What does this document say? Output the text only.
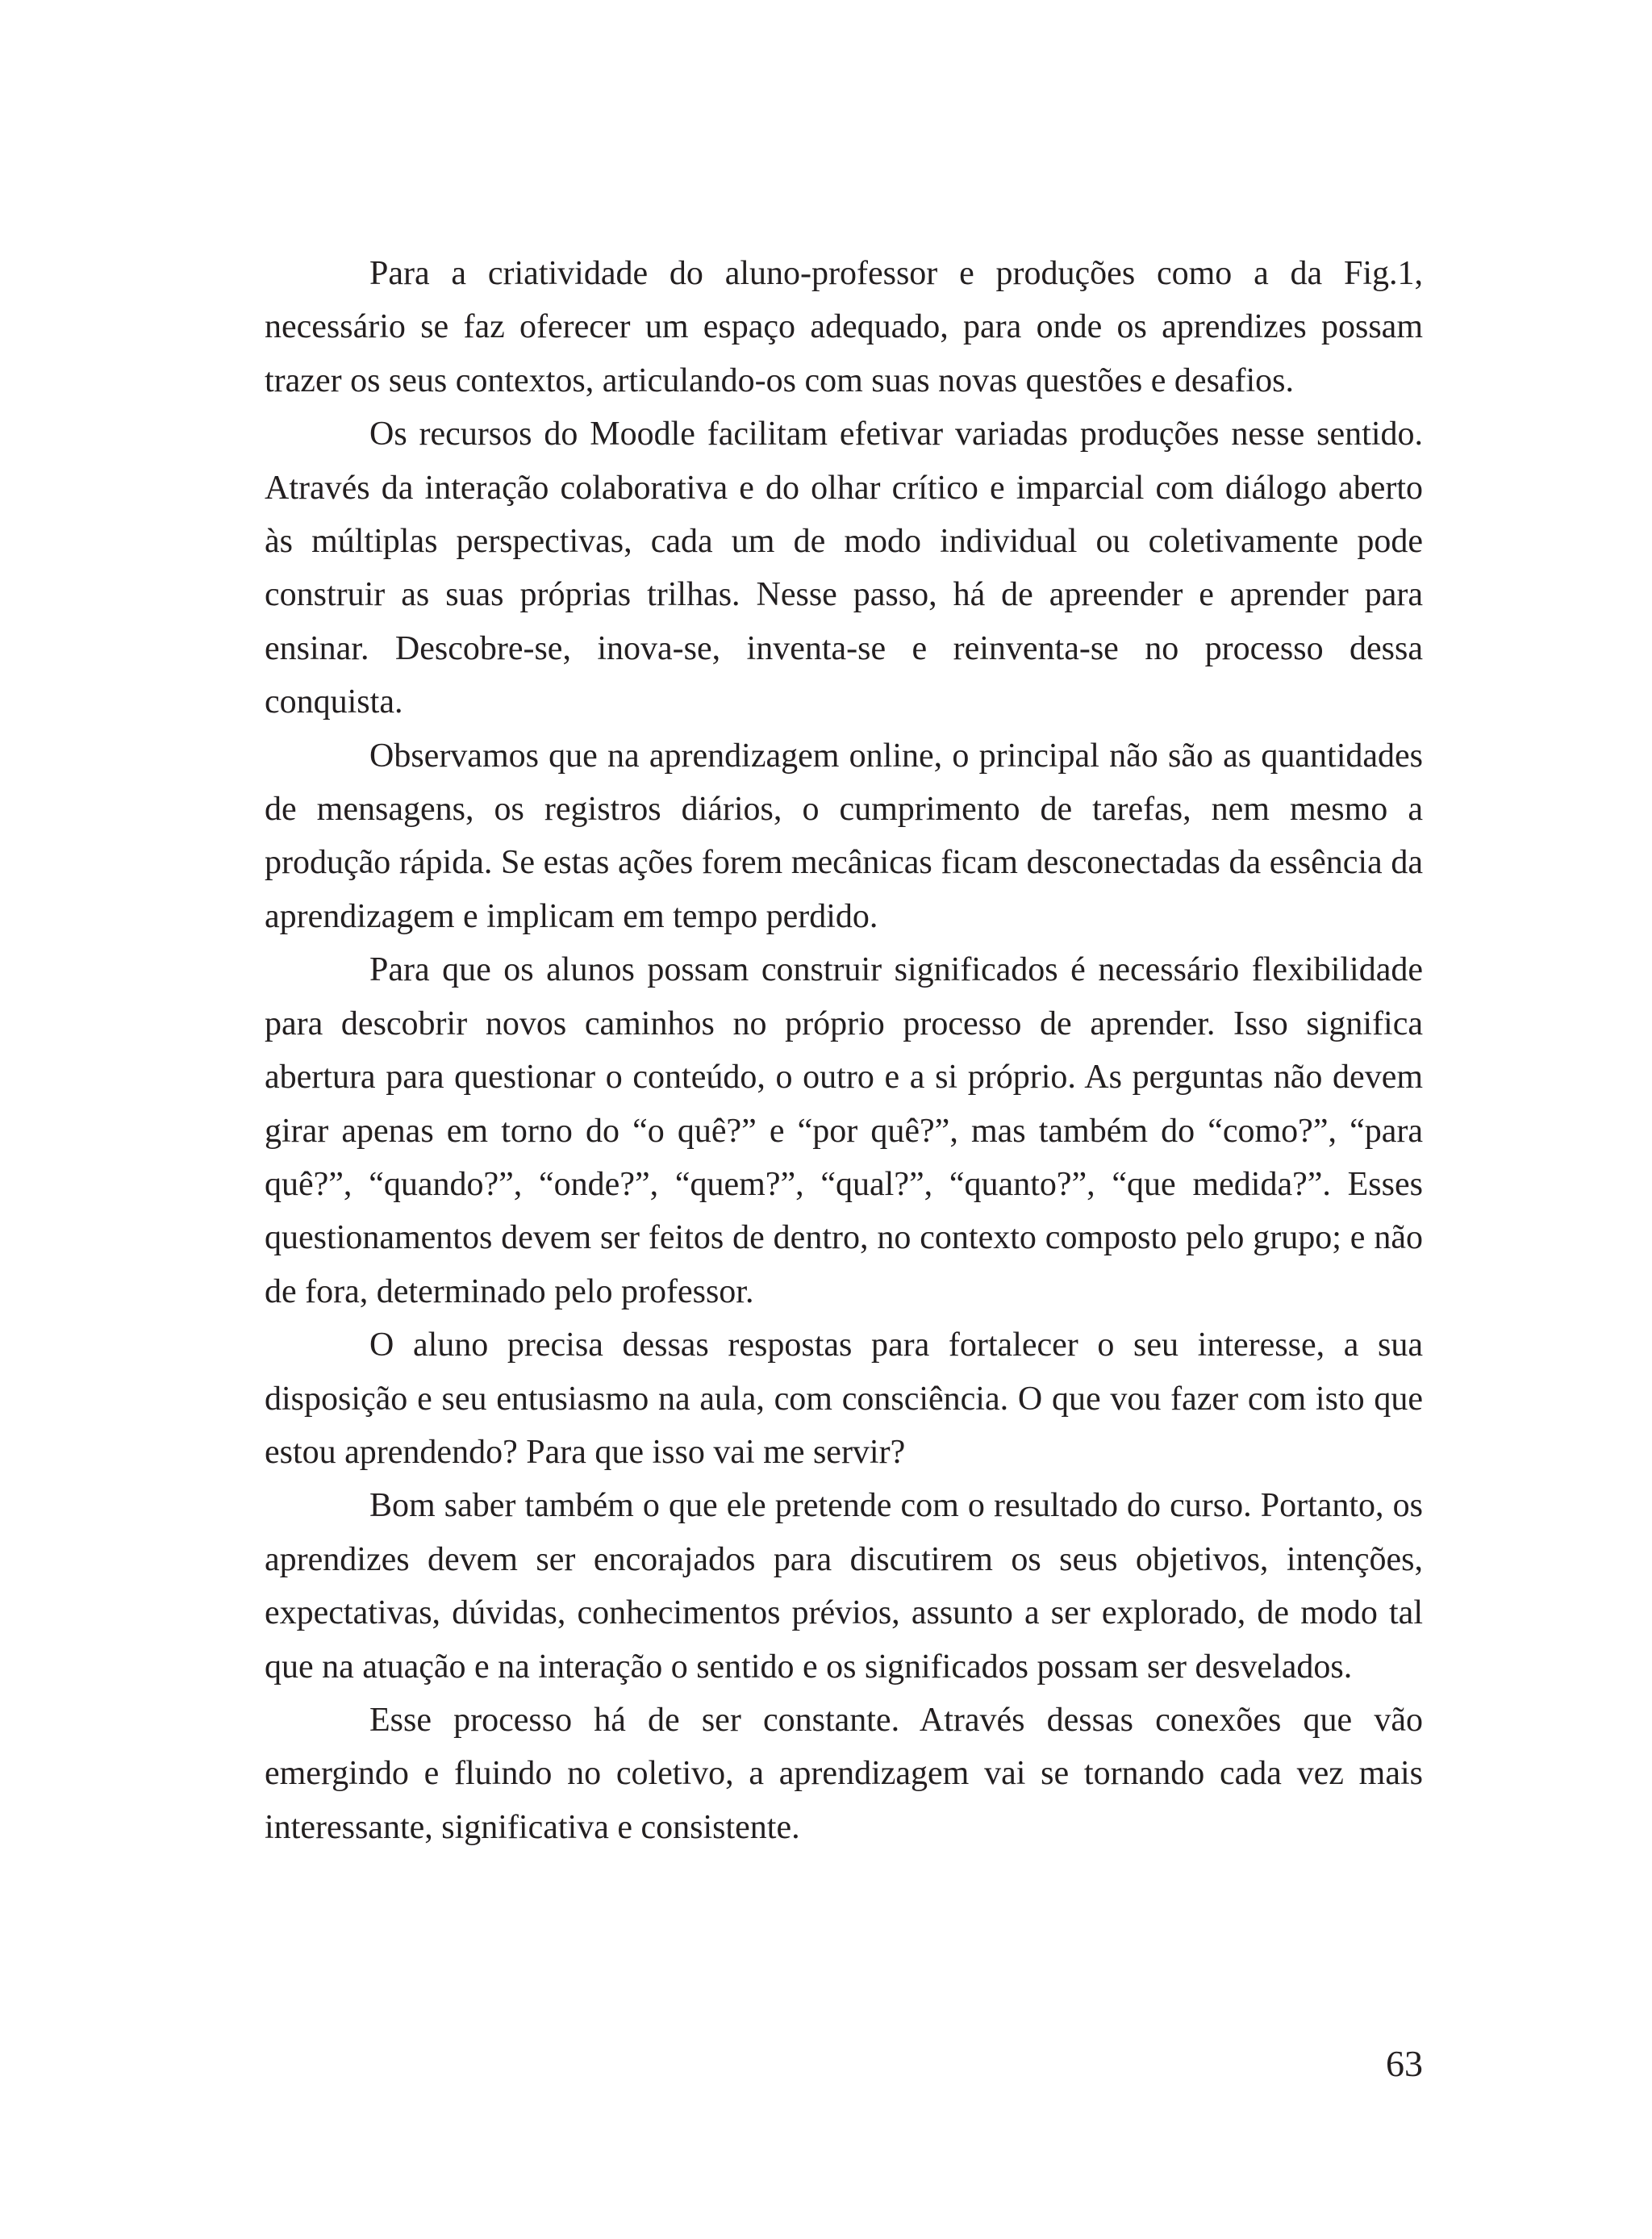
Para a criatividade do aluno-professor e produções como a da Fig.1, necessário se faz oferecer um espaço adequado, para onde os aprendizes possam trazer os seus contextos, articulando-os com suas novas questões e desafios.

Os recursos do Moodle facilitam efetivar variadas produções nesse sentido. Através da interação colaborativa e do olhar crítico e imparcial com diálogo aberto às múltiplas perspectivas, cada um de modo individual ou coletivamente pode construir as suas próprias trilhas. Nesse passo, há de apreender e aprender para ensinar. Descobre-se, inova-se, inventa-se e reinventa-se no processo dessa conquista.

Observamos que na aprendizagem online, o principal não são as quantidades de mensagens, os registros diários, o cumprimento de tarefas, nem mesmo a produção rápida. Se estas ações forem mecânicas ficam desconectadas da essência da aprendizagem e implicam em tempo perdido.

Para que os alunos possam construir significados é necessário flexibilidade para descobrir novos caminhos no próprio processo de aprender. Isso significa abertura para questionar o conteúdo, o outro e a si próprio. As perguntas não devem girar apenas em torno do “o quê?” e “por quê?”, mas também do “como?”, “para quê?”, “quando?”, “onde?”, “quem?”, “qual?”, “quanto?”, “que medida?”. Esses questionamentos devem ser feitos de dentro, no contexto composto pelo grupo; e não de fora, determinado pelo professor.

O aluno precisa dessas respostas para fortalecer o seu interesse, a sua disposição e seu entusiasmo na aula, com consciência. O que vou fazer com isto que estou aprendendo? Para que isso vai me servir?

Bom saber também o que ele pretende com o resultado do curso. Portanto, os aprendizes devem ser encorajados para discutirem os seus objetivos, intenções, expectativas, dúvidas, conhecimentos prévios, assunto a ser explorado, de modo tal que na atuação e na interação o sentido e os significados possam ser desvelados.

Esse processo há de ser constante. Através dessas conexões que vão emergindo e fluindo no coletivo, a aprendizagem vai se tornando cada vez mais interessante, significativa e consistente.

63
